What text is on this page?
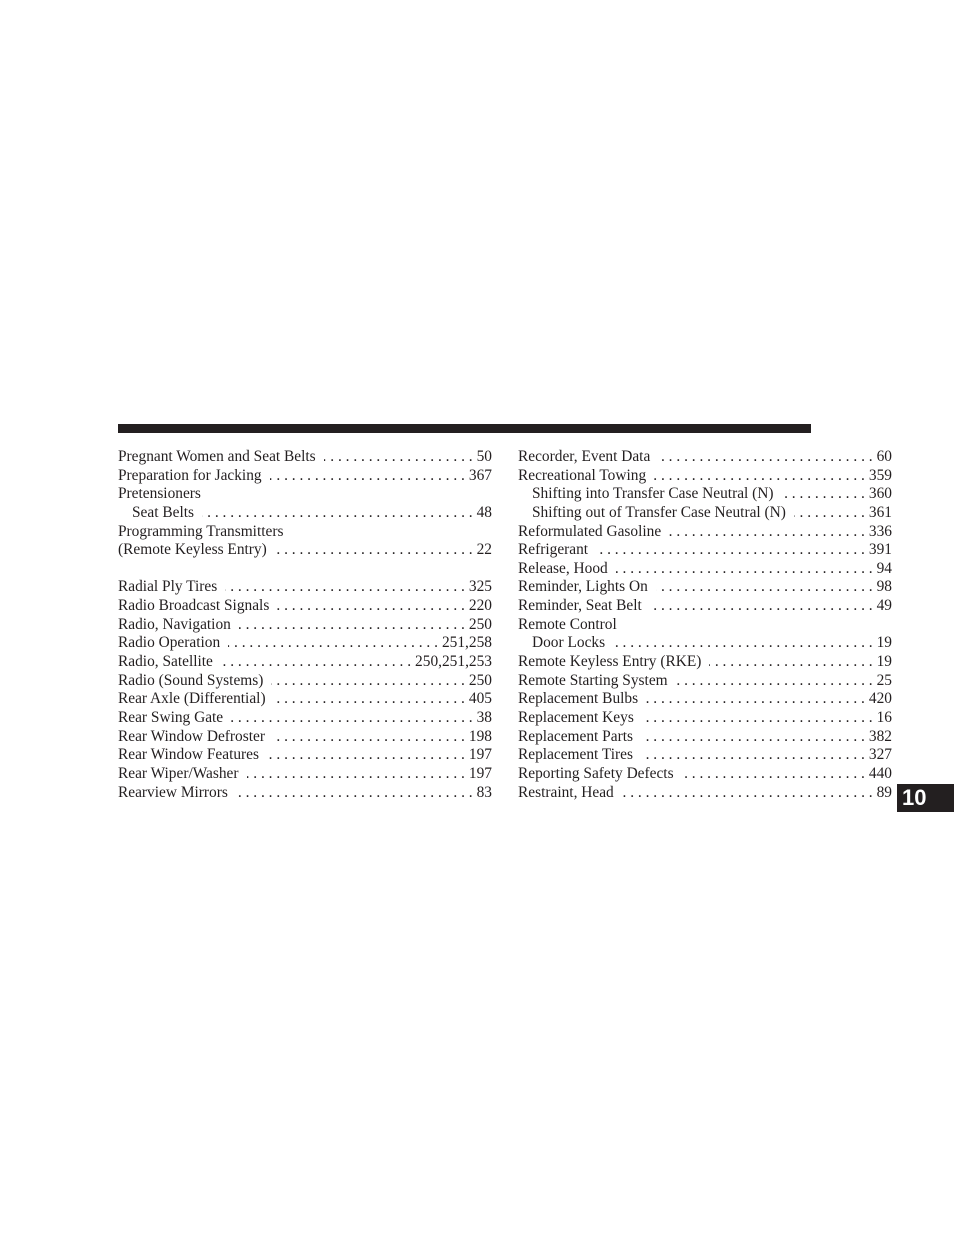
Pregnant Women and Seat Belts . . .	50
Preparation for Jacking . . .	367
Pretensioners
Seat Belts . . .	48
Programming Transmitters
(Remote Keyless Entry) . . .	22
Radial Ply Tires . . .	325
Radio Broadcast Signals . . .	220
Radio, Navigation . . .	250
Radio Operation . . .	251,258
Radio, Satellite . . .	250,251,253
Radio (Sound Systems) . . .	250
Rear Axle (Differential) . . .	405
Rear Swing Gate . . .	38
Rear Window Defroster . . .	198
Rear Window Features . . .	197
Rear Wiper/Washer . . .	197
Rearview Mirrors . . .	83
Recorder, Event Data . . .	60
Recreational Towing . . .	359
Shifting into Transfer Case Neutral (N) . . .	360
Shifting out of Transfer Case Neutral (N) . . .	361
Reformulated Gasoline . . .	336
Refrigerant . . .	391
Release, Hood . . .	94
Reminder, Lights On . . .	98
Reminder, Seat Belt . . .	49
Remote Control
Door Locks . . .	19
Remote Keyless Entry (RKE) . . .	19
Remote Starting System . . .	25
Replacement Bulbs . . .	420
Replacement Keys . . .	16
Replacement Parts . . .	382
Replacement Tires . . .	327
Reporting Safety Defects . . .	440
Restraint, Head . . .	89 10
